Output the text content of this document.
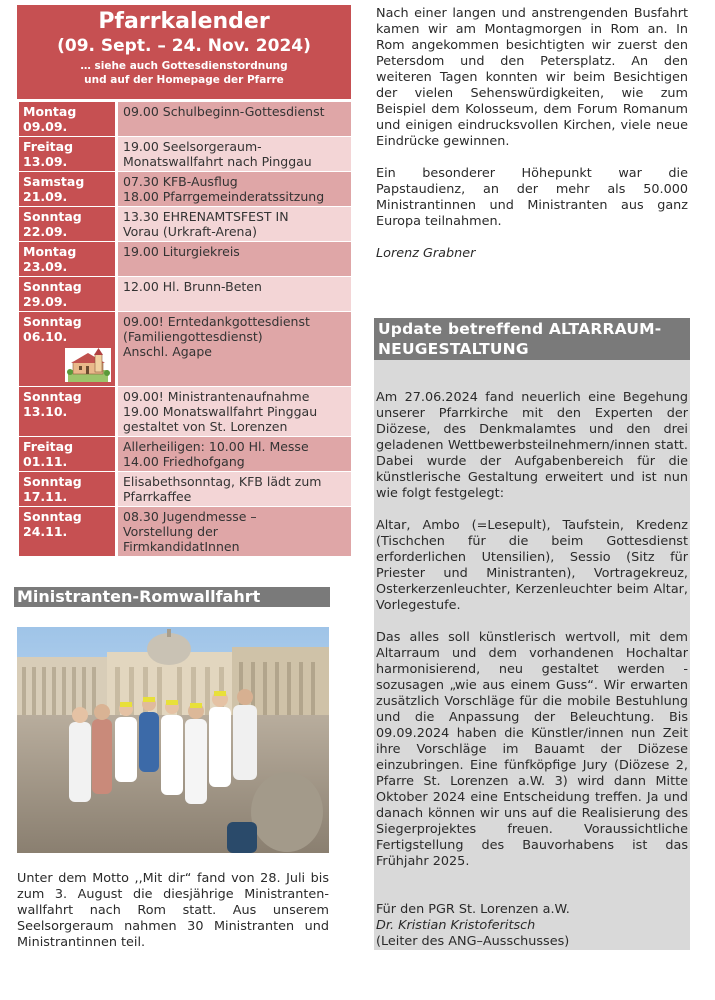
Pfarrkalender
(09. Sept. – 24. Nov. 2024)
… siehe auch Gottesdienstordnung
und auf der Homepage der Pfarre
Montag
09.09.	09.00 Schulbeginn-Gottesdienst
Freitag
13.09.	19.00 Seelsorgeraum-
Monatswallfahrt nach Pinggau
Samstag
21.09.	07.30 KFB-Ausflug
18.00 Pfarrgemeinderatssitzung
Sonntag
22.09.	13.30 EHRENAMTSFEST IN
Vorau (Urkraft-Arena)
Montag
23.09.	19.00 Liturgiekreis
Sonntag
29.09.	12.00 Hl. Brunn-Beten
Sonntag
06.10.	09.00! Erntedankgottesdienst
(Familiengottesdienst)
Anschl. Agape
Sonntag
13.10.	09.00! Ministrantenaufnahme
19.00 Monatswallfahrt Pinggau
gestaltet von St. Lorenzen
Freitag
01.11.	Allerheiligen: 10.00 Hl. Messe
14.00 Friedhofgang
Sonntag
17.11.	Elisabethsonntag, KFB lädt zum
Pfarrkaffee
Sonntag
24.11.	08.30 Jugendmesse –
Vorstellung der
FirmkandidatInnen
Ministranten-Romwallfahrt
Unter dem Motto ,,Mit dir“ fand von 28. Juli bis zum 3. August die diesjährige Ministranten-wallfahrt nach Rom statt. Aus unserem Seelsorgeraum nahmen 30 Ministranten und Ministrantinnen teil.

Nach einer langen und anstrengenden Busfahrt kamen wir am Montagmorgen in Rom an. In Rom angekommen besichtigten wir zuerst den Petersdom und den Petersplatz. An den weiteren Tagen konnten wir beim Besichtigen der vielen Sehenswürdigkeiten, wie zum Beispiel dem Kolosseum, dem Forum Romanum und einigen eindrucksvollen Kirchen, viele neue Eindrücke gewinnen.

Ein besonderer Höhepunkt war die Papstaudienz, an der mehr als 50.000 Ministrantinnen und Ministranten aus ganz Europa teilnahmen.

Lorenz Grabner

Update betreffend ALTARRAUM-
NEUGESTALTUNG

Am 27.06.2024 fand neuerlich eine Begehung unserer Pfarrkirche mit den Experten der Diözese, des Denkmalamtes und den drei geladenen Wettbewerbsteilnehmern/innen statt. Dabei wurde der Aufgabenbereich für die künstlerische Gestaltung erweitert und ist nun wie folgt festgelegt:

Altar, Ambo (=Lesepult), Taufstein, Kredenz (Tischchen für die beim Gottesdienst erforderlichen Utensilien), Sessio (Sitz für Priester und Ministranten), Vortragekreuz, Osterkerzenleuchter, Kerzenleuchter beim Altar, Vorlegestufe.

Das alles soll künstlerisch wertvoll, mit dem Altarraum und dem vorhandenen Hochaltar harmonisierend, neu gestaltet werden - sozusagen „wie aus einem Guss“. Wir erwarten zusätzlich Vorschläge für die mobile Bestuhlung und die Anpassung der Beleuchtung. Bis 09.09.2024 haben die Künstler/innen nun Zeit ihre Vorschläge im Bauamt der Diözese einzubringen. Eine fünfköpfige Jury (Diözese 2, Pfarre St. Lorenzen a.W. 3) wird dann Mitte Oktober 2024 eine Entscheidung treffen. Ja und danach können wir uns auf die Realisierung des Siegerprojektes freuen. Voraussichtliche Fertigstellung des Bauvorhabens ist das Frühjahr 2025.

Für den PGR St. Lorenzen a.W.
Dr. Kristian Kristoferitsch
(Leiter des ANG–Ausschusses)
